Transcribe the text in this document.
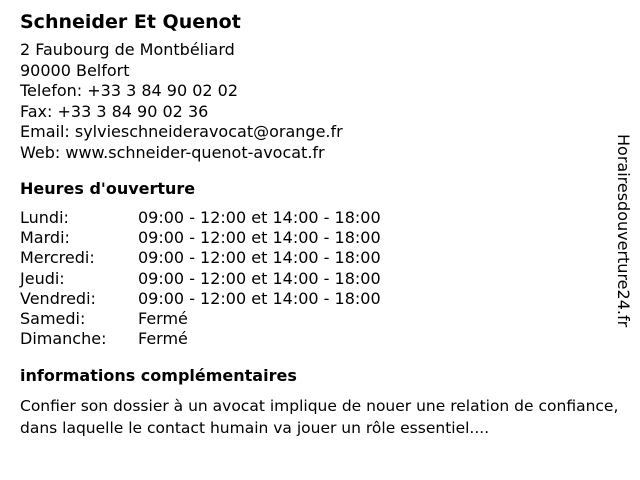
Schneider Et Quenot
2 Faubourg de Montbéliard
90000 Belfort
Telefon: +33 3 84 90 02 02
Fax: +33 3 84 90 02 36
Email: sylvieschneideravocat@orange.fr
Web: www.schneider-quenot-avocat.fr
Heures d'ouverture
Lundi:	09:00 - 12:00 et 14:00 - 18:00
Mardi:	09:00 - 12:00 et 14:00 - 18:00
Mercredi:	09:00 - 12:00 et 14:00 - 18:00
Jeudi:	09:00 - 12:00 et 14:00 - 18:00
Vendredi:	09:00 - 12:00 et 14:00 - 18:00
Samedi:	Fermé
Dimanche:	Fermé
informations complémentaires
Confier son dossier à un avocat implique de nouer une relation de confiance, dans laquelle le contact humain va jouer un rôle essentiel....
Horairesdouverture24.fr
